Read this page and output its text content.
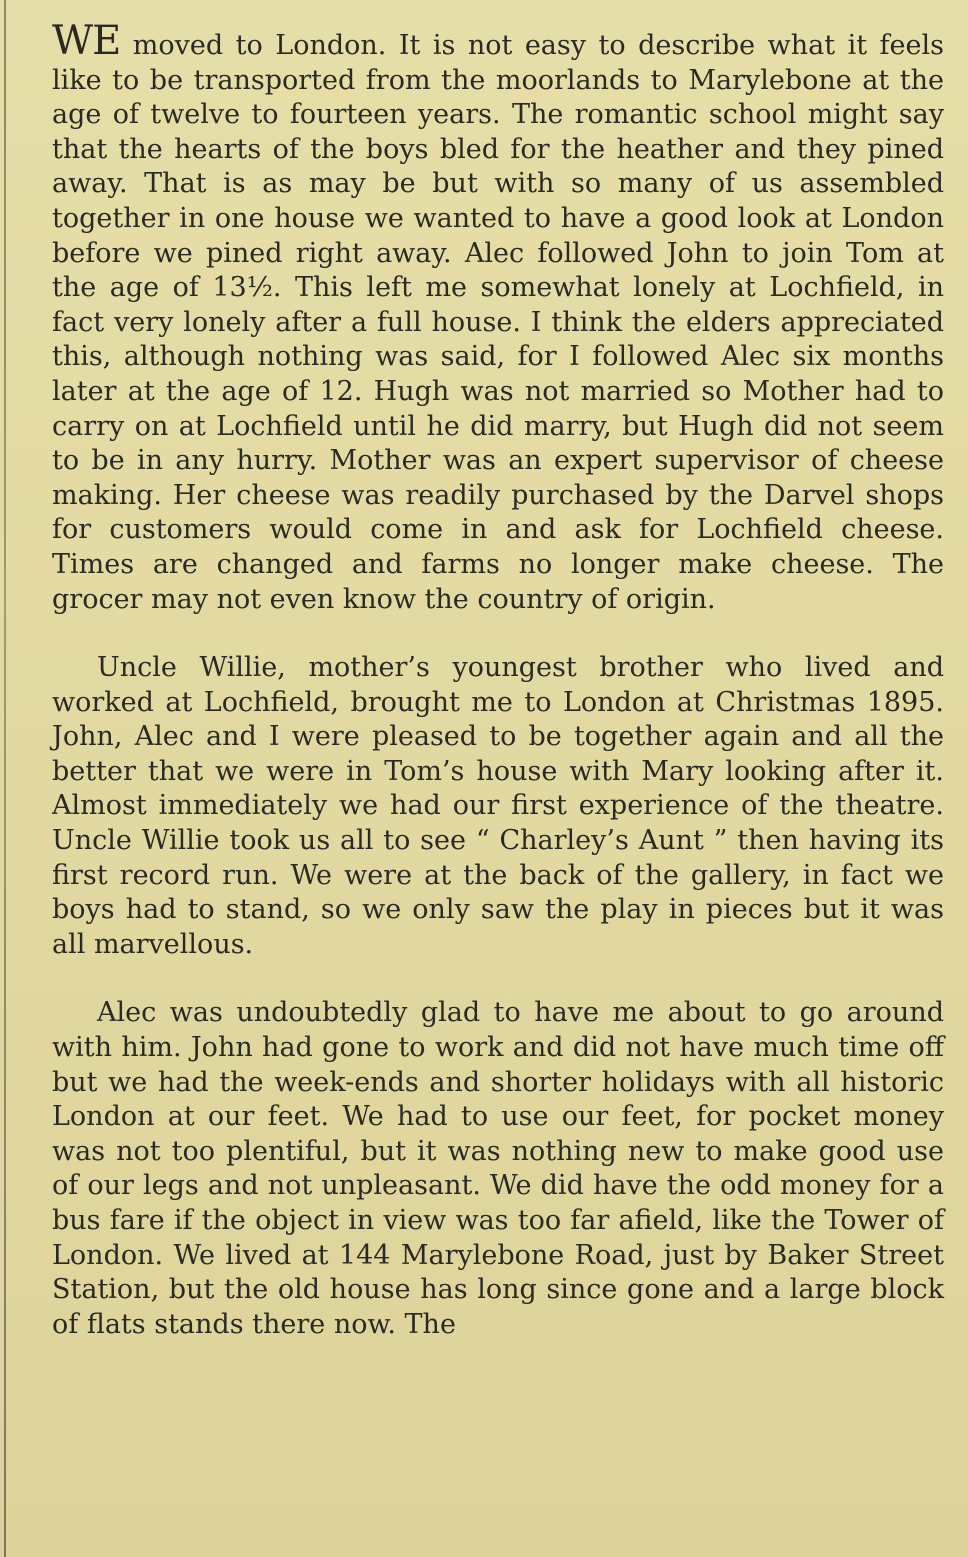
WE moved to London. It is not easy to describe what it feels like to be transported from the moorlands to Marylebone at the age of twelve to fourteen years. The romantic school might say that the hearts of the boys bled for the heather and they pined away. That is as may be but with so many of us assembled together in one house we wanted to have a good look at London before we pined right away. Alec followed John to join Tom at the age of 13½. This left me somewhat lonely at Lochfield, in fact very lonely after a full house. I think the elders appreciated this, although nothing was said, for I followed Alec six months later at the age of 12. Hugh was not married so Mother had to carry on at Lochfield until he did marry, but Hugh did not seem to be in any hurry. Mother was an expert supervisor of cheese making. Her cheese was readily purchased by the Darvel shops for customers would come in and ask for Lochfield cheese. Times are changed and farms no longer make cheese. The grocer may not even know the country of origin.

Uncle Willie, mother’s youngest brother who lived and worked at Lochfield, brought me to London at Christmas 1895. John, Alec and I were pleased to be together again and all the better that we were in Tom’s house with Mary looking after it. Almost immediately we had our first experience of the theatre. Uncle Willie took us all to see “ Charley’s Aunt ” then having its first record run. We were at the back of the gallery, in fact we boys had to stand, so we only saw the play in pieces but it was all marvellous.

Alec was undoubtedly glad to have me about to go around with him. John had gone to work and did not have much time off but we had the week-ends and shorter holidays with all historic London at our feet. We had to use our feet, for pocket money was not too plentiful, but it was nothing new to make good use of our legs and not unpleasant. We did have the odd money for a bus fare if the object in view was too far afield, like the Tower of London. We lived at 144 Marylebone Road, just by Baker Street Station, but the old house has long since gone and a large block of flats stands there now. The
